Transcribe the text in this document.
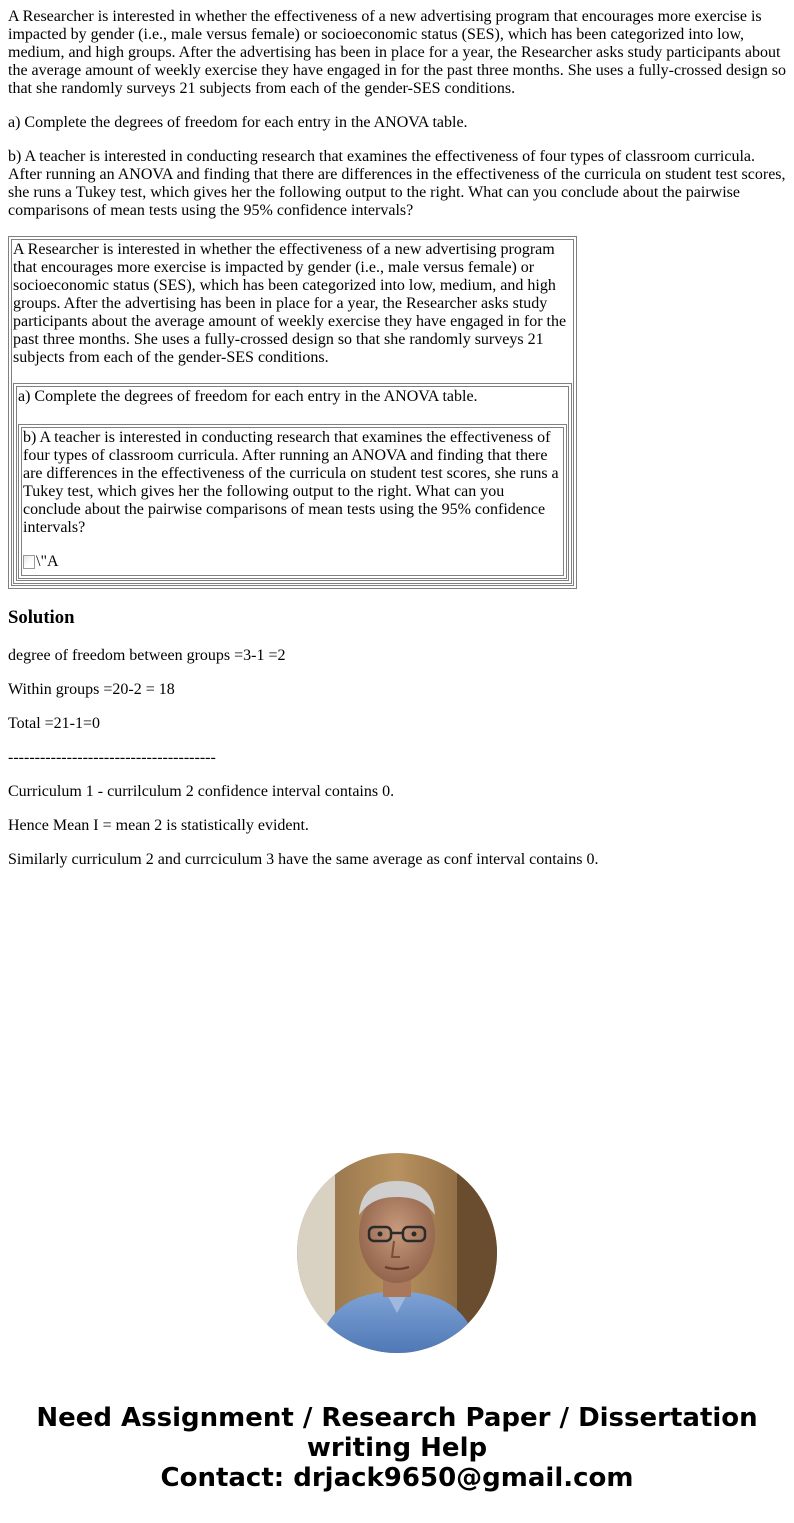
A Researcher is interested in whether the effectiveness of a new advertising program that encourages more exercise is impacted by gender (i.e., male versus female) or socioeconomic status (SES), which has been categorized into low, medium, and high groups. After the advertising has been in place for a year, the Researcher asks study participants about the average amount of weekly exercise they have engaged in for the past three months. She uses a fully-crossed design so that she randomly surveys 21 subjects from each of the gender-SES conditions.

a) Complete the degrees of freedom for each entry in the ANOVA table.

b) A teacher is interested in conducting research that examines the effectiveness of four types of classroom curricula. After running an ANOVA and finding that there are differences in the effectiveness of the curricula on student test scores, she runs a Tukey test, which gives her the following output to the right. What can you conclude about the pairwise comparisons of mean tests using the 95% confidence intervals?

A Researcher is interested in whether the effectiveness of a new advertising program that encourages more exercise is impacted by gender (i.e., male versus female) or socioeconomic status (SES), which has been categorized into low, medium, and high groups. After the advertising has been in place for a year, the Researcher asks study participants about the average amount of weekly exercise they have engaged in for the past three months. She uses a fully-crossed design so that she randomly surveys 21 subjects from each of the gender-SES conditions.

a) Complete the degrees of freedom for each entry in the ANOVA table.

b) A teacher is interested in conducting research that examines the effectiveness of four types of classroom curricula. After running an ANOVA and finding that there are differences in the effectiveness of the curricula on student test scores, she runs a Tukey test, which gives her the following output to the right. What can you conclude about the pairwise comparisons of mean tests using the 95% confidence intervals?

\"A
Solution

degree of freedom between groups =3-1 =2

Within groups =20-2 = 18

Total =21-1=0

---------------------------------------

Curriculum 1 - currilculum 2 confidence interval contains 0.

Hence Mean I = mean 2 is statistically evident.

Similarly curriculum 2 and currciculum 3 have the same average as conf interval contains 0.

Need Assignment / Research Paper / Dissertation
writing Help
Contact: drjack9650@gmail.com
